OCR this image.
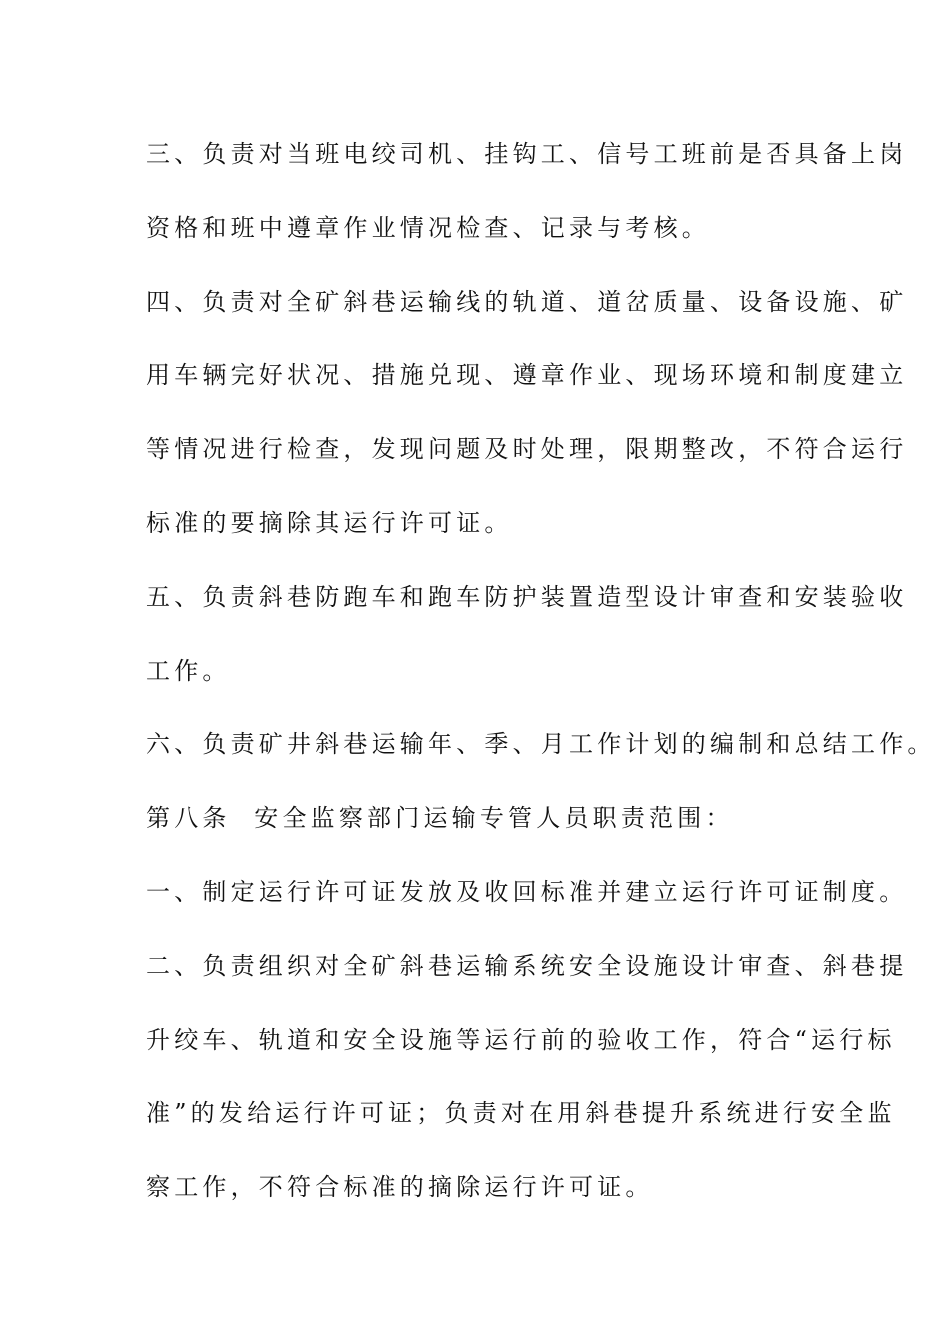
三、负责对当班电绞司机、挂钩工、信号工班前是否具备上岗
资格和班中遵章作业情况检查、记录与考核。
四、负责对全矿斜巷运输线的轨道、道岔质量、设备设施、矿
用车辆完好状况、措施兑现、遵章作业、现场环境和制度建立
等情况进行检查，发现问题及时处理，限期整改，不符合运行
标准的要摘除其运行许可证。
五、负责斜巷防跑车和跑车防护装置造型设计审查和安装验收
工作。
六、负责矿井斜巷运输年、季、月工作计划的编制和总结工作。
第八条  安全监察部门运输专管人员职责范围：
一、制定运行许可证发放及收回标准并建立运行许可证制度。
二、负责组织对全矿斜巷运输系统安全设施设计审查、斜巷提
升绞车、轨道和安全设施等运行前的验收工作，符合“运行标
准”的发给运行许可证；负责对在用斜巷提升系统进行安全监
察工作，不符合标准的摘除运行许可证。
